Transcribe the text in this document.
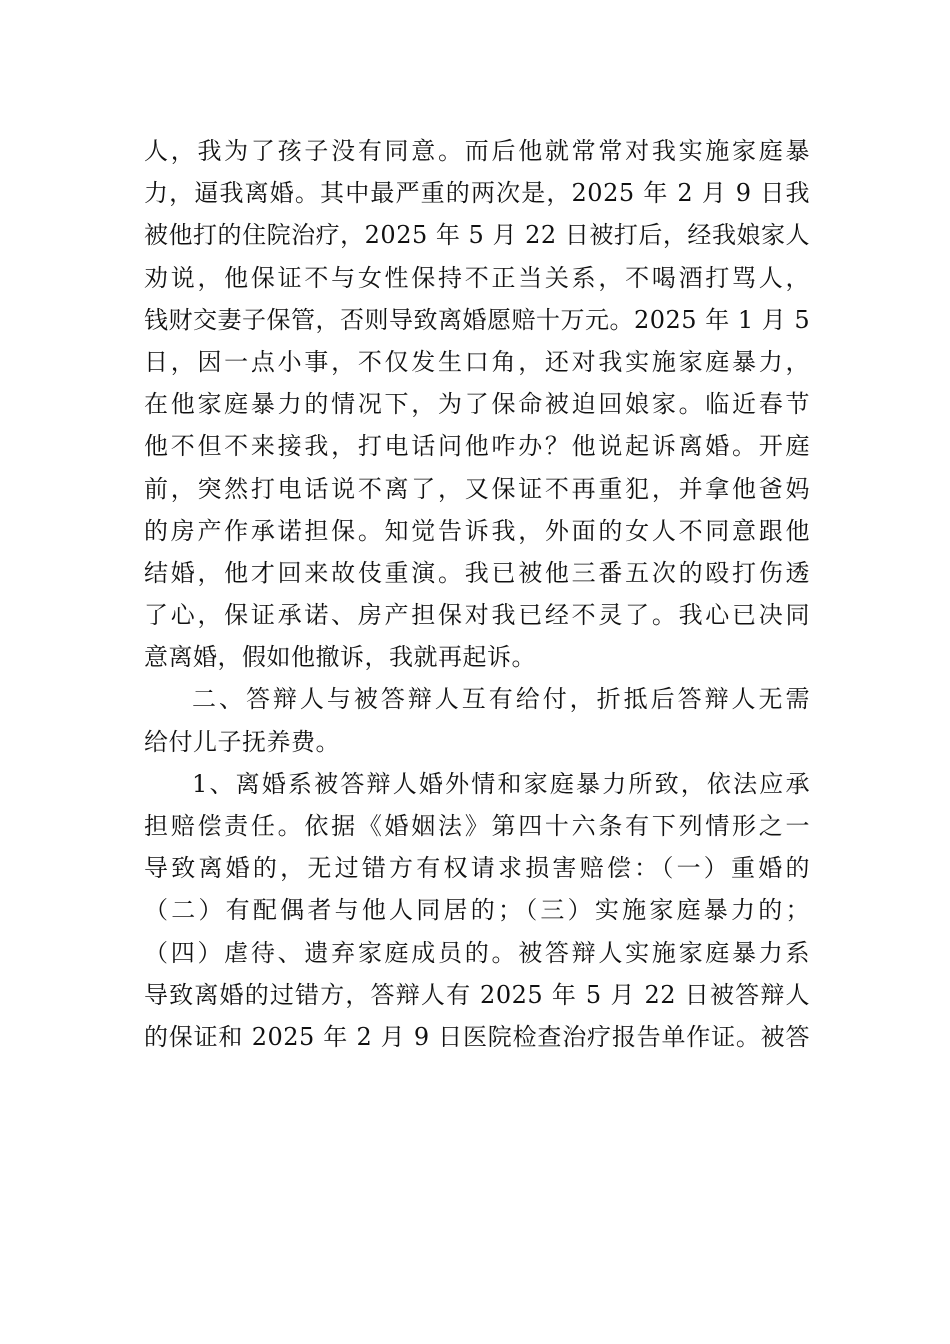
人，我为了孩子没有同意。而后他就常常对我实施家庭暴
力，逼我离婚。其中最严重的两次是，2025 年 2 月 9 日我
被他打的住院治疗，2025 年 5 月 22 日被打后，经我娘家人
劝说，他保证不与女性保持不正当关系，不喝酒打骂人，
钱财交妻子保管，否则导致离婚愿赔十万元。2025 年 1 月 5
日，因一点小事，不仅发生口角，还对我实施家庭暴力，
在他家庭暴力的情况下，为了保命被迫回娘家。临近春节
他不但不来接我，打电话问他咋办？他说起诉离婚。开庭
前，突然打电话说不离了，又保证不再重犯，并拿他爸妈
的房产作承诺担保。知觉告诉我，外面的女人不同意跟他
结婚，他才回来故伎重演。我已被他三番五次的殴打伤透
了心，保证承诺、房产担保对我已经不灵了。我心已决同
意离婚，假如他撤诉，我就再起诉。
二、答辩人与被答辩人互有给付，折抵后答辩人无需
给付儿子抚养费。
1、离婚系被答辩人婚外情和家庭暴力所致，依法应承
担赔偿责任。依据《婚姻法》第四十六条有下列情形之一
导致离婚的，无过错方有权请求损害赔偿：（一）重婚的
（二）有配偶者与他人同居的；（三）实施家庭暴力的；
（四）虐待、遗弃家庭成员的。被答辩人实施家庭暴力系
导致离婚的过错方，答辩人有 2025 年 5 月 22 日被答辩人
的保证和 2025 年 2 月 9 日医院检查治疗报告单作证。被答
